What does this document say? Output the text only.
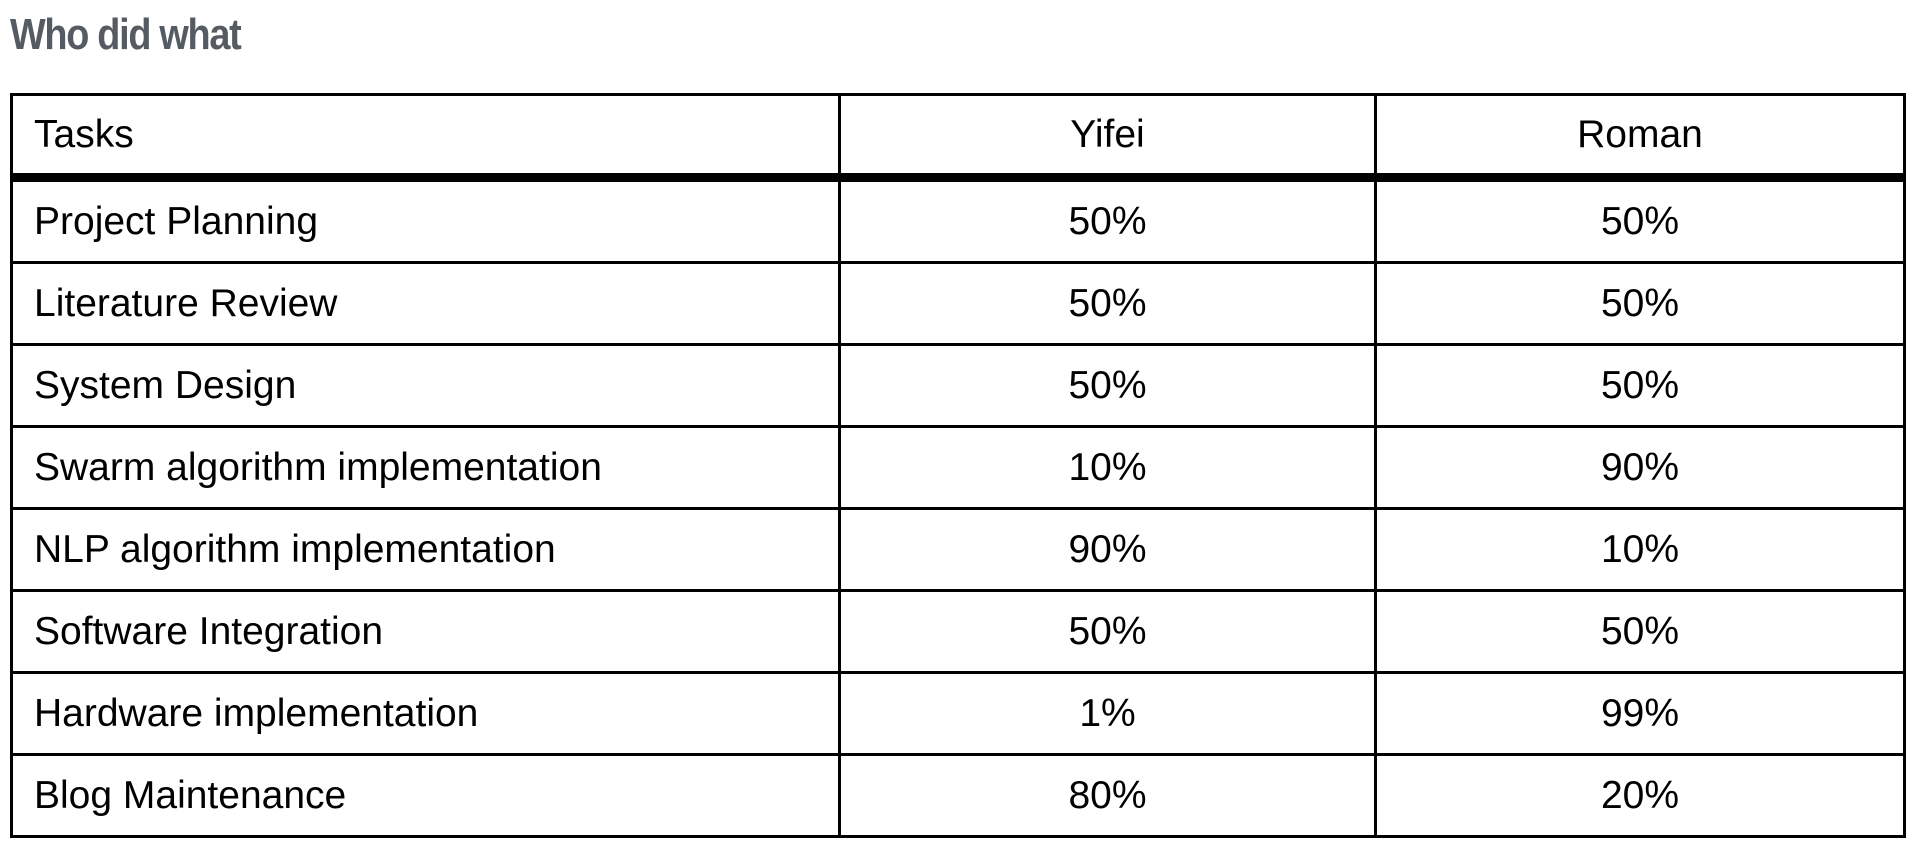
Who did what
Tasks	Yifei	Roman
Project Planning	50%	50%
Literature Review	50%	50%
System Design	50%	50%
Swarm algorithm implementation	10%	90%
NLP algorithm implementation	90%	10%
Software Integration	50%	50%
Hardware implementation	1%	99%
Blog Maintenance	80%	20%
